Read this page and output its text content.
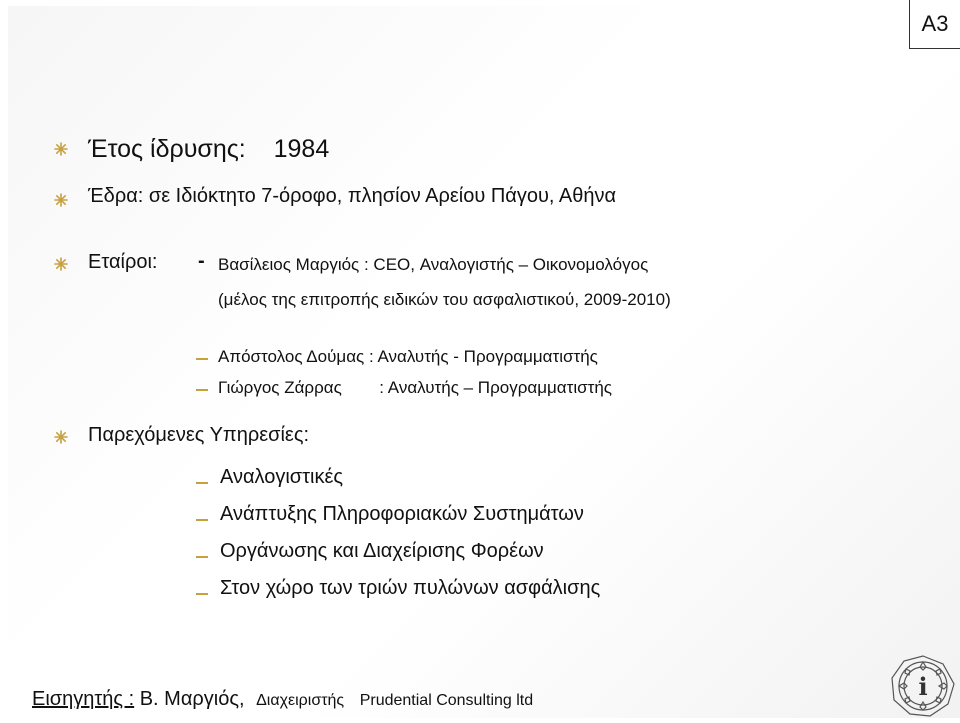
A3
Έτος ίδρυσης: 1984
Έδρα: σε Ιδιόκτητο 7-όροφο, πλησίον Αρείου Πάγου, Αθήνα
Εταίροι: - Βασίλειος Μαργιός : CEO, Αναλογιστής – Οικονομολόγος
(μέλος της επιτροπής ειδικών του ασφαλιστικού, 2009-2010)
Απόστολος Δούμας : Αναλυτής - Προγραμματιστής
Γιώργος Ζάρρας : Αναλυτής – Προγραμματιστής
Παρεχόμενες Υπηρεσίες:
Αναλογιστικές
Ανάπτυξης Πληροφοριακών Συστημάτων
Οργάνωσης και Διαχείρισης Φορέων
Στον χώρο των τριών πυλώνων ασφάλισης
Εισηγητής : Β. Μαργιός, Διαχειριστής Prudential Consulting ltd	i
